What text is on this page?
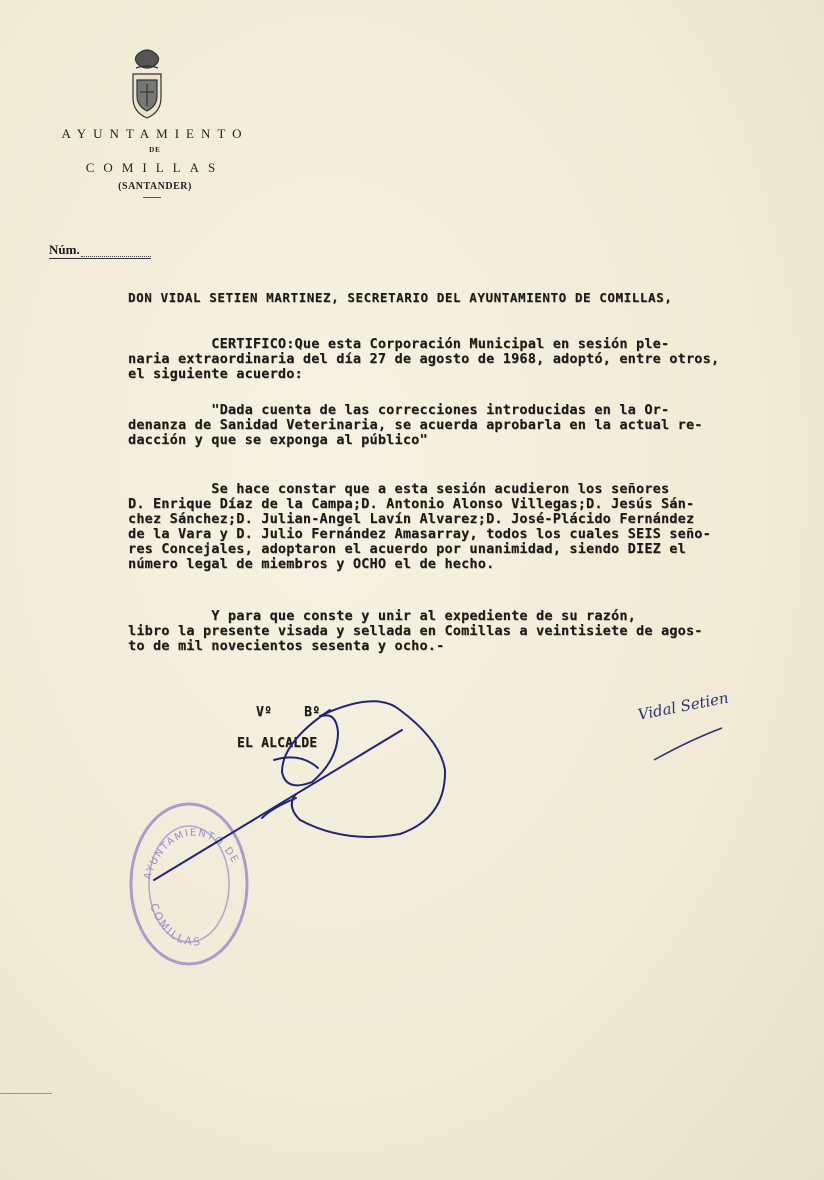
AYUNTAMIENTO
DE
COMILLAS
(SANTANDER)
Núm.
DON VIDAL SETIEN MARTINEZ, SECRETARIO DEL AYUNTAMIENTO DE COMILLAS,
CERTIFICO:Que esta Corporación Municipal en sesión ple-
naria extraordinaria del día 27 de agosto de 1968, adoptó, entre otros,
el siguiente acuerdo:
"Dada cuenta de las correcciones introducidas en la Or-
denanza de Sanidad Veterinaria, se acuerda aprobarla en la actual re-
dacción y que se exponga al público"
Se hace constar que a esta sesión acudieron los señores
D. Enrique Díaz de la Campa;D. Antonio Alonso Villegas;D. Jesús Sán-
chez Sánchez;D. Julian-Angel Lavín Alvarez;D. José-Plácido Fernández
de la Vara y D. Julio Fernández Amasarray, todos los cuales SEIS seño-
res Concejales, adoptaron el acuerdo por unanimidad, siendo DIEZ el
número legal de miembros y OCHO el de hecho.
Y para que conste y unir al expediente de su razón,
libro la presente visada y sellada en Comillas a veintisiete de agos-
to de mil novecientos sesenta y ocho.-
Vº    Bº
EL ALCALDE
Vidal Setien
AYUNTAMIENTO DE
COMILLAS
